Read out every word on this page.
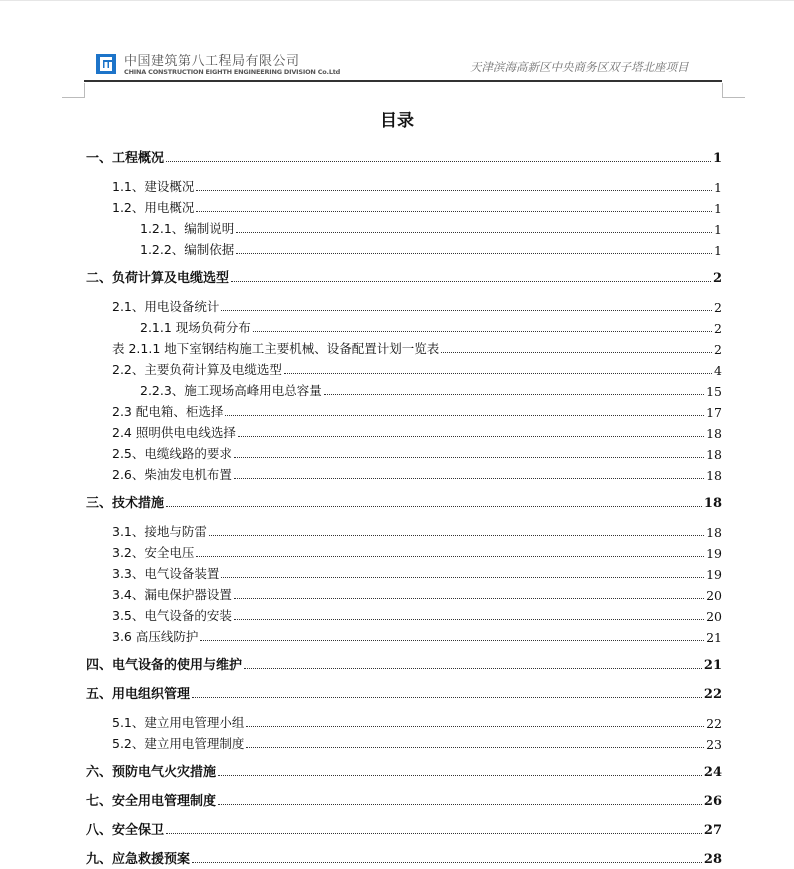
中国建筑第八工程局有限公司
CHINA CONSTRUCTION EIGHTH ENGINEERING DIVISION Co.Ltd	天津滨海高新区中央商务区双子塔北座项目
目录
一、工程概况	1
1.1、建设概况	1
1.2、用电概况	1
1.2.1、编制说明	1
1.2.2、编制依据	1
二、负荷计算及电缆选型	2
2.1、用电设备统计	2
2.1.1 现场负荷分布	2
表 2.1.1 地下室钢结构施工主要机械、设备配置计划一览表	2
2.2、主要负荷计算及电缆选型	4
2.2.3、施工现场高峰用电总容量	15
2.3 配电箱、柜选择	17
2.4 照明供电电线选择	18
2.5、电缆线路的要求	18
2.6、柴油发电机布置	18
三、技术措施	18
3.1、接地与防雷	18
3.2、安全电压	19
3.3、电气设备装置	19
3.4、漏电保护器设置	20
3.5、电气设备的安装	20
3.6 高压线防护	21
四、电气设备的使用与维护	21
五、用电组织管理	22
5.1、建立用电管理小组	22
5.2、建立用电管理制度	23
六、预防电气火灾措施	24
七、安全用电管理制度	26
八、安全保卫	27
九、应急救援预案	28
